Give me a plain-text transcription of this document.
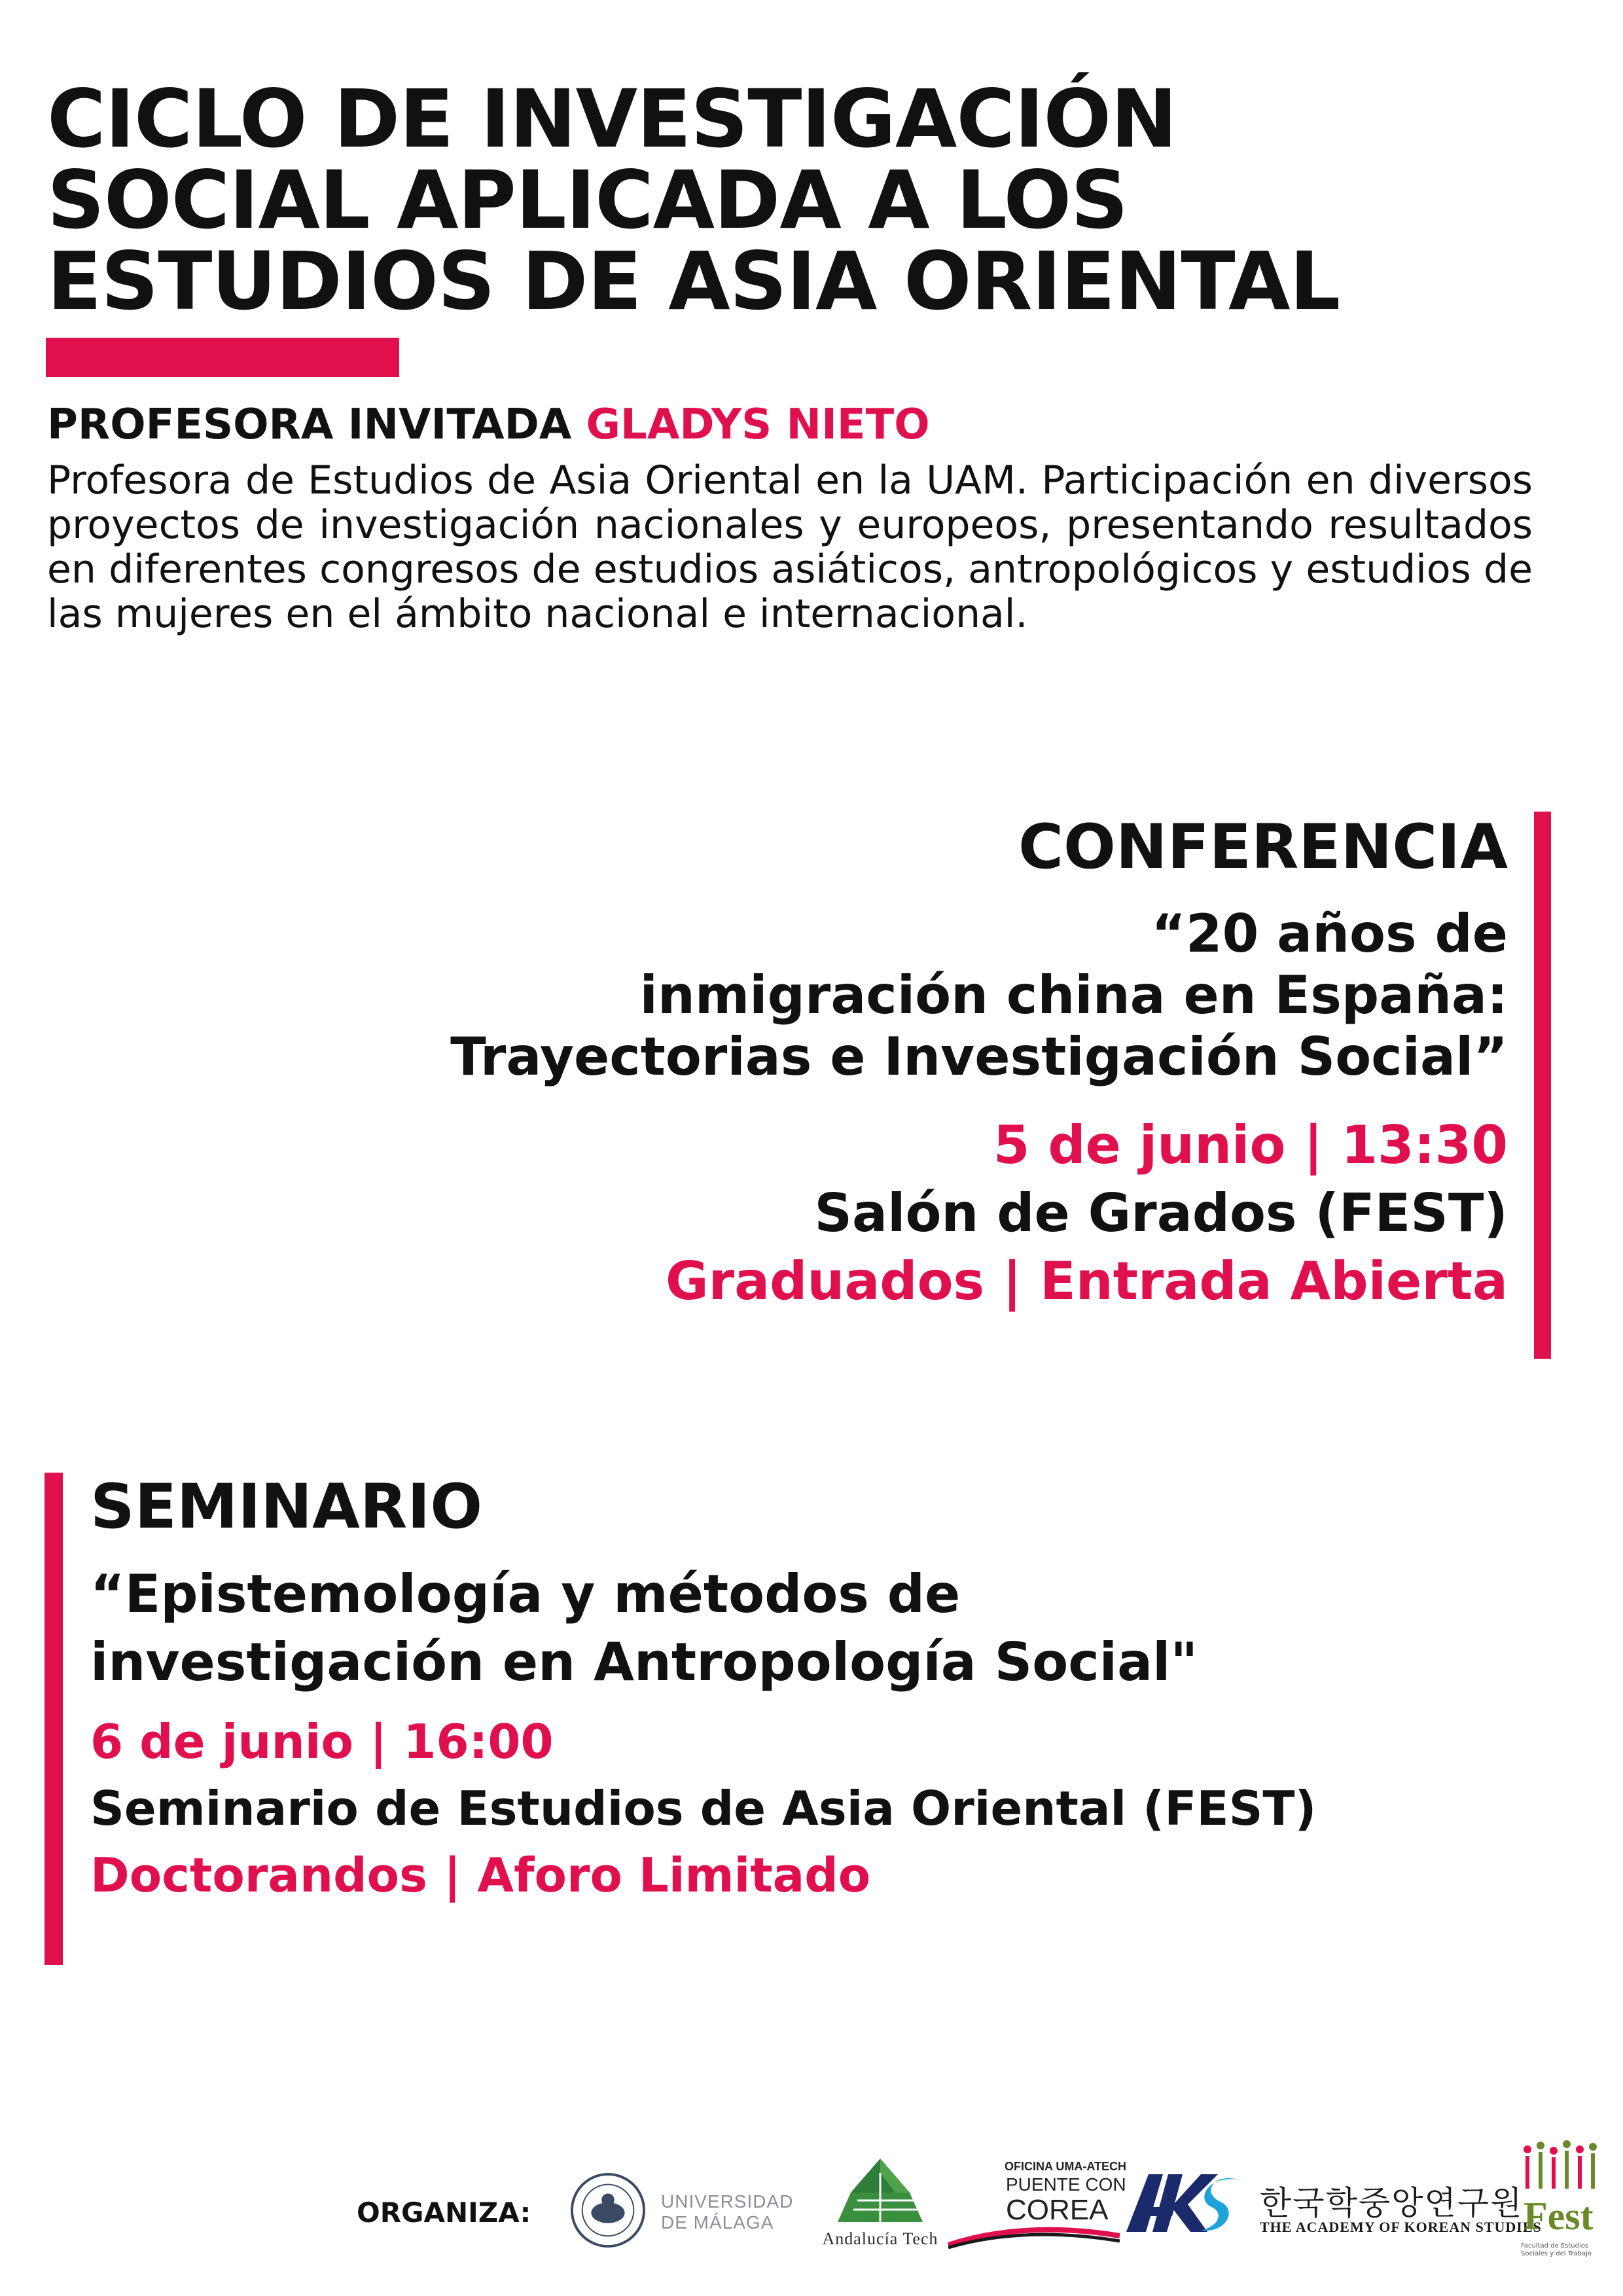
CICLO DE INVESTIGACIÓN
SOCIAL APLICADA A LOS
ESTUDIOS DE ASIA ORIENTAL
PROFESORA INVITADA GLADYS NIETO
Profesora de Estudios de Asia Oriental en la UAM. Participación en diversos proyectos de investigación nacionales y europeos, presentando resultados en diferentes congresos de estudios asiáticos, antropológicos y estudios de las mujeres en el ámbito nacional e internacional.
CONFERENCIA
“20 años de
inmigración china en España:
Trayectorias e Investigación Social”
5 de junio | 13:30
Salón de Grados (FEST)
Graduados | Entrada Abierta
SEMINARIO
“Epistemología y métodos de
investigación en Antropología Social"
6 de junio | 16:00
Seminario de Estudios de Asia Oriental (FEST)
Doctorandos | Aforo Limitado
ORGANIZA:	UNIVERSIDAD
DE MÁLAGA
Andalucía Tech
OFICINA UMA-ATECH
PUENTE CON
COREA	한국학중앙연구원
THE ACADEMY OF KOREAN STUDIES
Fest
Facultad de Estudios Sociales y del Trabajo
